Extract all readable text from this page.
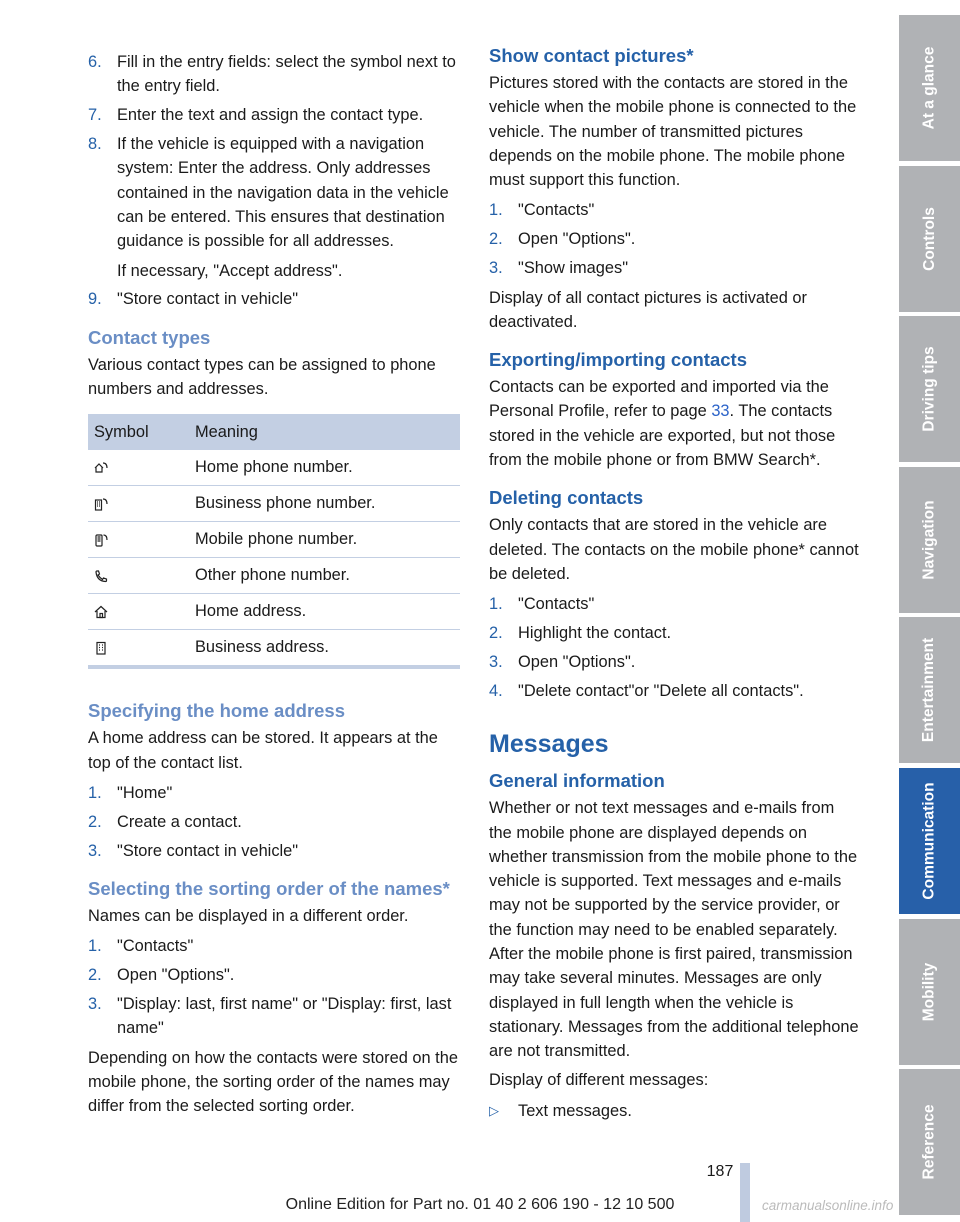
6. Fill in the entry fields: select the symbol next to the entry field.
7. Enter the text and assign the contact type.
8. If the vehicle is equipped with a navigation system: Enter the address. Only addresses contained in the navigation data in the vehicle can be entered. This ensures that destination guidance is possible for all addresses.
If necessary, "Accept address".
9. "Store contact in vehicle"
Contact types

Various contact types can be assigned to phone numbers and addresses.

Symbol	Meaning
	Home phone number.
	Business phone number.
	Mobile phone number.
	Other phone number.
	Home address.
	Business address.
Specifying the home address

A home address can be stored. It appears at the top of the contact list.

1. "Home"
2. Create a contact.
3. "Store contact in vehicle"
Selecting the sorting order of the names*

Names can be displayed in a different order.

1. "Contacts"
2. Open "Options".
3. "Display: last, first name" or "Display: first, last name"

Depending on how the contacts were stored on the mobile phone, the sorting order of the names may differ from the selected sorting order.

Show contact pictures*

Pictures stored with the contacts are stored in the vehicle when the mobile phone is connected to the vehicle. The number of transmitted pictures depends on the mobile phone. The mobile phone must support this function.

1. "Contacts"
2. Open "Options".
3. "Show images"

Display of all contact pictures is activated or deactivated.

Exporting/importing contacts

Contacts can be exported and imported via the Personal Profile, refer to page 33. The contacts stored in the vehicle are exported, but not those from the mobile phone or from BMW Search*.

Deleting contacts

Only contacts that are stored in the vehicle are deleted. The contacts on the mobile phone* cannot be deleted.

1. "Contacts"
2. Highlight the contact.
3. Open "Options".
4. "Delete contact"or "Delete all contacts".
Messages
General information

Whether or not text messages and e-mails from the mobile phone are displayed depends on whether transmission from the mobile phone to the vehicle is supported. Text messages and e-mails may not be supported by the service provider, or the function may need to be enabled separately. After the mobile phone is first paired, transmission may take several minutes. Messages are only displayed in full length when the vehicle is stationary. Messages from the additional telephone are not transmitted.

Display of different messages:

▷ Text messages.
At a glance
Controls
Driving tips
Navigation
Entertainment
Communication
Mobility
Reference
187
Online Edition for Part no. 01 40 2 606 190 - 12 10 500	carmanualsonline.info
